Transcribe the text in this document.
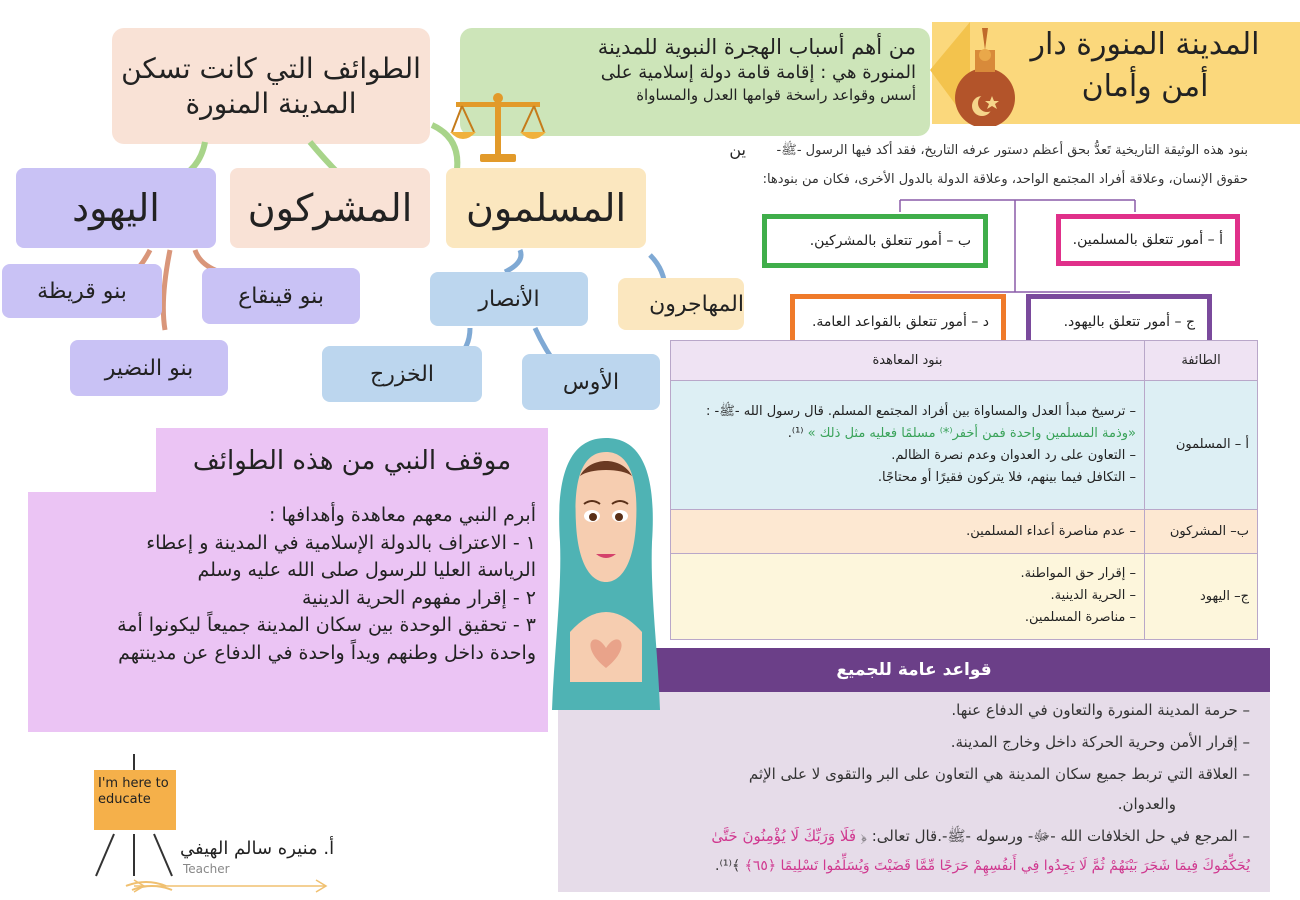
المدينة المنورة دار أمن وأمان
من أهم أسباب الهجرة النبوية للمدينة
المنورة هي : إقامة قامة دولة إسلامية على
أسس وقواعد راسخة قوامها العدل والمساواة
الطوائف التي كانت تسكن المدينة المنورة
المسلمون
المشركون
اليهود
المهاجرون
الأنصار
الخزرج	الأوس
بنو قينقاع
بنو قريظة
بنو النضير
بنود هذه الوثيقة التاريخية تَعدُّ بحق أعظم دستور عرفه التاريخ، فقد أكد فيها الرسول -ﷺ-
ين
حقوق الإنسان، وعلاقة أفراد المجتمع الواحد، وعلاقة الدولة بالدول الأخرى، فكان من بنودها:
أ – أمور تتعلق بالمسلمين.
ب – أمور تتعلق بالمشركين.
ج – أمور تتعلق باليهود.
د – أمور تتعلق بالقواعد العامة.
الطائفة	بنود المعاهدة
أ – المسلمون	– ترسيخ مبدأ العدل والمساواة بين أفراد المجتمع المسلم. قال رسول الله -ﷺ- :
«وذمة المسلمين واحدة فمن أخفر⁽*⁾ مسلمًا فعليه مثل ذلك » ⁽¹⁾.
– التعاون على رد العدوان وعدم نصرة الظالم.
– التكافل فيما بينهم، فلا يتركون فقيرًا أو محتاجًا.

ب– المشركون	– عدم مناصرة أعداء المسلمين.
ج– اليهود	– إقرار حق المواطنة.
– الحرية الدينية.
– مناصرة المسلمين.
قواعد عامة للجميع
– حرمة المدينة المنورة والتعاون في الدفاع عنها.
– إقرار الأمن وحرية الحركة داخل وخارج المدينة.
– العلاقة التي تربط جميع سكان المدينة هي التعاون على البر والتقوى لا على الإثم
والعدوان.
– المرجع في حل الخلافات الله -ﷻ- ورسوله -ﷺ-.قال تعالى: ﴿ فَلَا وَرَبِّكَ لَا يُؤْمِنُونَ حَتَّىٰ
يُحَكِّمُوكَ فِيمَا شَجَرَ بَيْنَهُمْ ثُمَّ لَا يَجِدُوا فِي أَنفُسِهِمْ حَرَجًا مِّمَّا قَضَيْتَ وَيُسَلِّمُوا تَسْلِيمًا ﴿٦٥﴾ ﴾⁽¹⁾.
موقف النبي من هذه الطوائف
أبرم النبي معهم معاهدة وأهدافها :
١ - الاعتراف بالدولة الإسلامية في المدينة و إعطاء
الرياسة العليا للرسول صلى الله عليه وسلم
٢ - إقرار مفهوم الحرية الدينية
٣ - تحقيق الوحدة بين سكان المدينة جميعاً ليكونوا أمة
واحدة داخل وطنهم ويداً واحدة في الدفاع عن مدينتهم
I'm here to educate
أ. منيره سالم الهيفي
Teacher
